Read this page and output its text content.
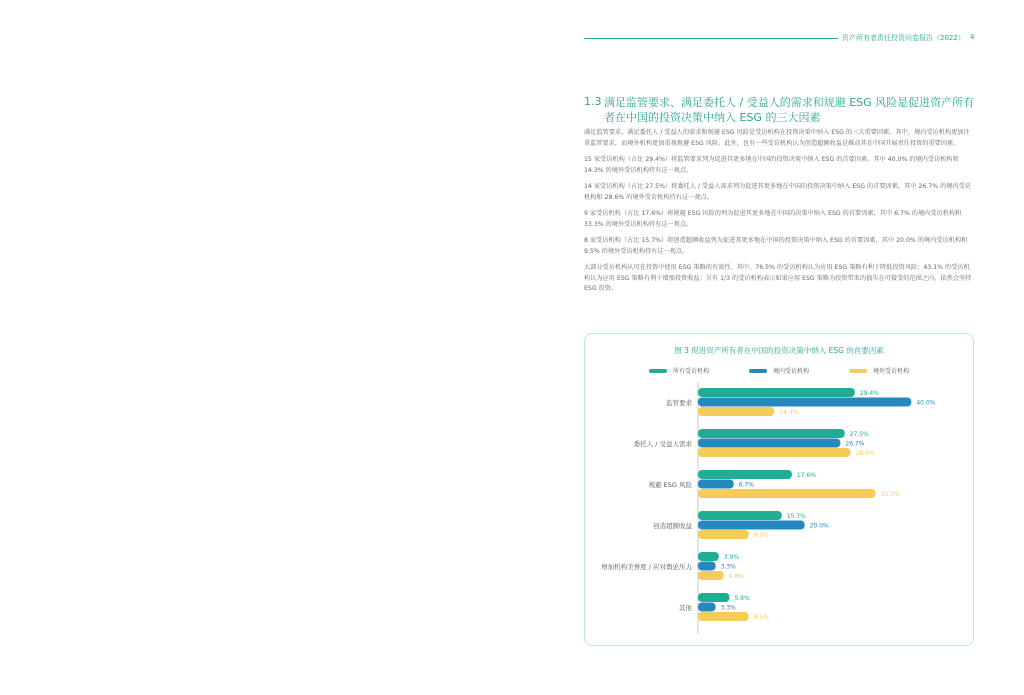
资产所有者责任投资问卷报告（2022） 4
1.3 满足监管要求、满足委托人 / 受益人的需求和规避 ESG 风险是促进资产所有者在中国的投资决策中纳入 ESG 的三大因素

满足监管要求、满足委托人 / 受益人的需求和规避 ESG 风险是受访机构在投资决策中纳入 ESG 的三大重要因素。其中，境内受访机构更加注重监管要求，而境外机构更加重视规避 ESG 风险。此外，也有一些受访机构认为创造超额收益是推动其在中国开展责任投资的重要因素。

15 家受访机构（占比 29.4%）将监管要求列为促进其更多地在中国的投资决策中纳入 ESG 的首要因素。其中 40.0% 的境内受访机构和 14.3% 的境外受访机构持有这一观点。

14 家受访机构（占比 27.5%）将委托人 / 受益人需求列为促进其更多地在中国的投资决策中纳入 ESG 的首要因素，其中 26.7% 的境内受访机构和 28.6% 的境外受访机构持有这一观点。

9 家受访机构（占比 17.6%）将规避 ESG 风险的列为促进其更多地在中国的决策中纳入 ESG 的首要因素，其中 6.7% 的境内受访机构和 33.3% 的境外受访机构持有这一观点。

8 家受访机构（占比 15.7%）将创造超额收益列为促进其更多地在中国的投资决策中纳入 ESG 的首要因素，其中 20.0% 的境内受访机构和 9.5% 的境外受访机构持有这一观点。

大部分受访机构认可在投资中使用 ESG 策略的有效性。其中，76.5% 的受访机构认为应用 ESG 策略有利于降低投资风险；43.1% 的受访机构认为应用 ESG 策略有利于增加投资收益；另有 1/3 的受访机构表示如果应用 ESG 策略为投资带来的损失在可接受的范围之内，依然会坚持 ESG 投资。

图 3 促进资产所有者在中国的投资决策中纳入 ESG 的首要因素
所有受访机构	境内受访机构	境外受访机构
监管要求
29.4%
40.0%
14.3%
委托人 / 受益人需求
27.5%
26.7%
28.6%
规避 ESG 风险
17.6%
6.7%
33.3%
创造超额收益
15.7%
20.0%
9.5%
增加机构美誉度 / 应对舆论压力
3.9%
3.3%
4.8%
其他
5.9%
3.3%
9.5%
